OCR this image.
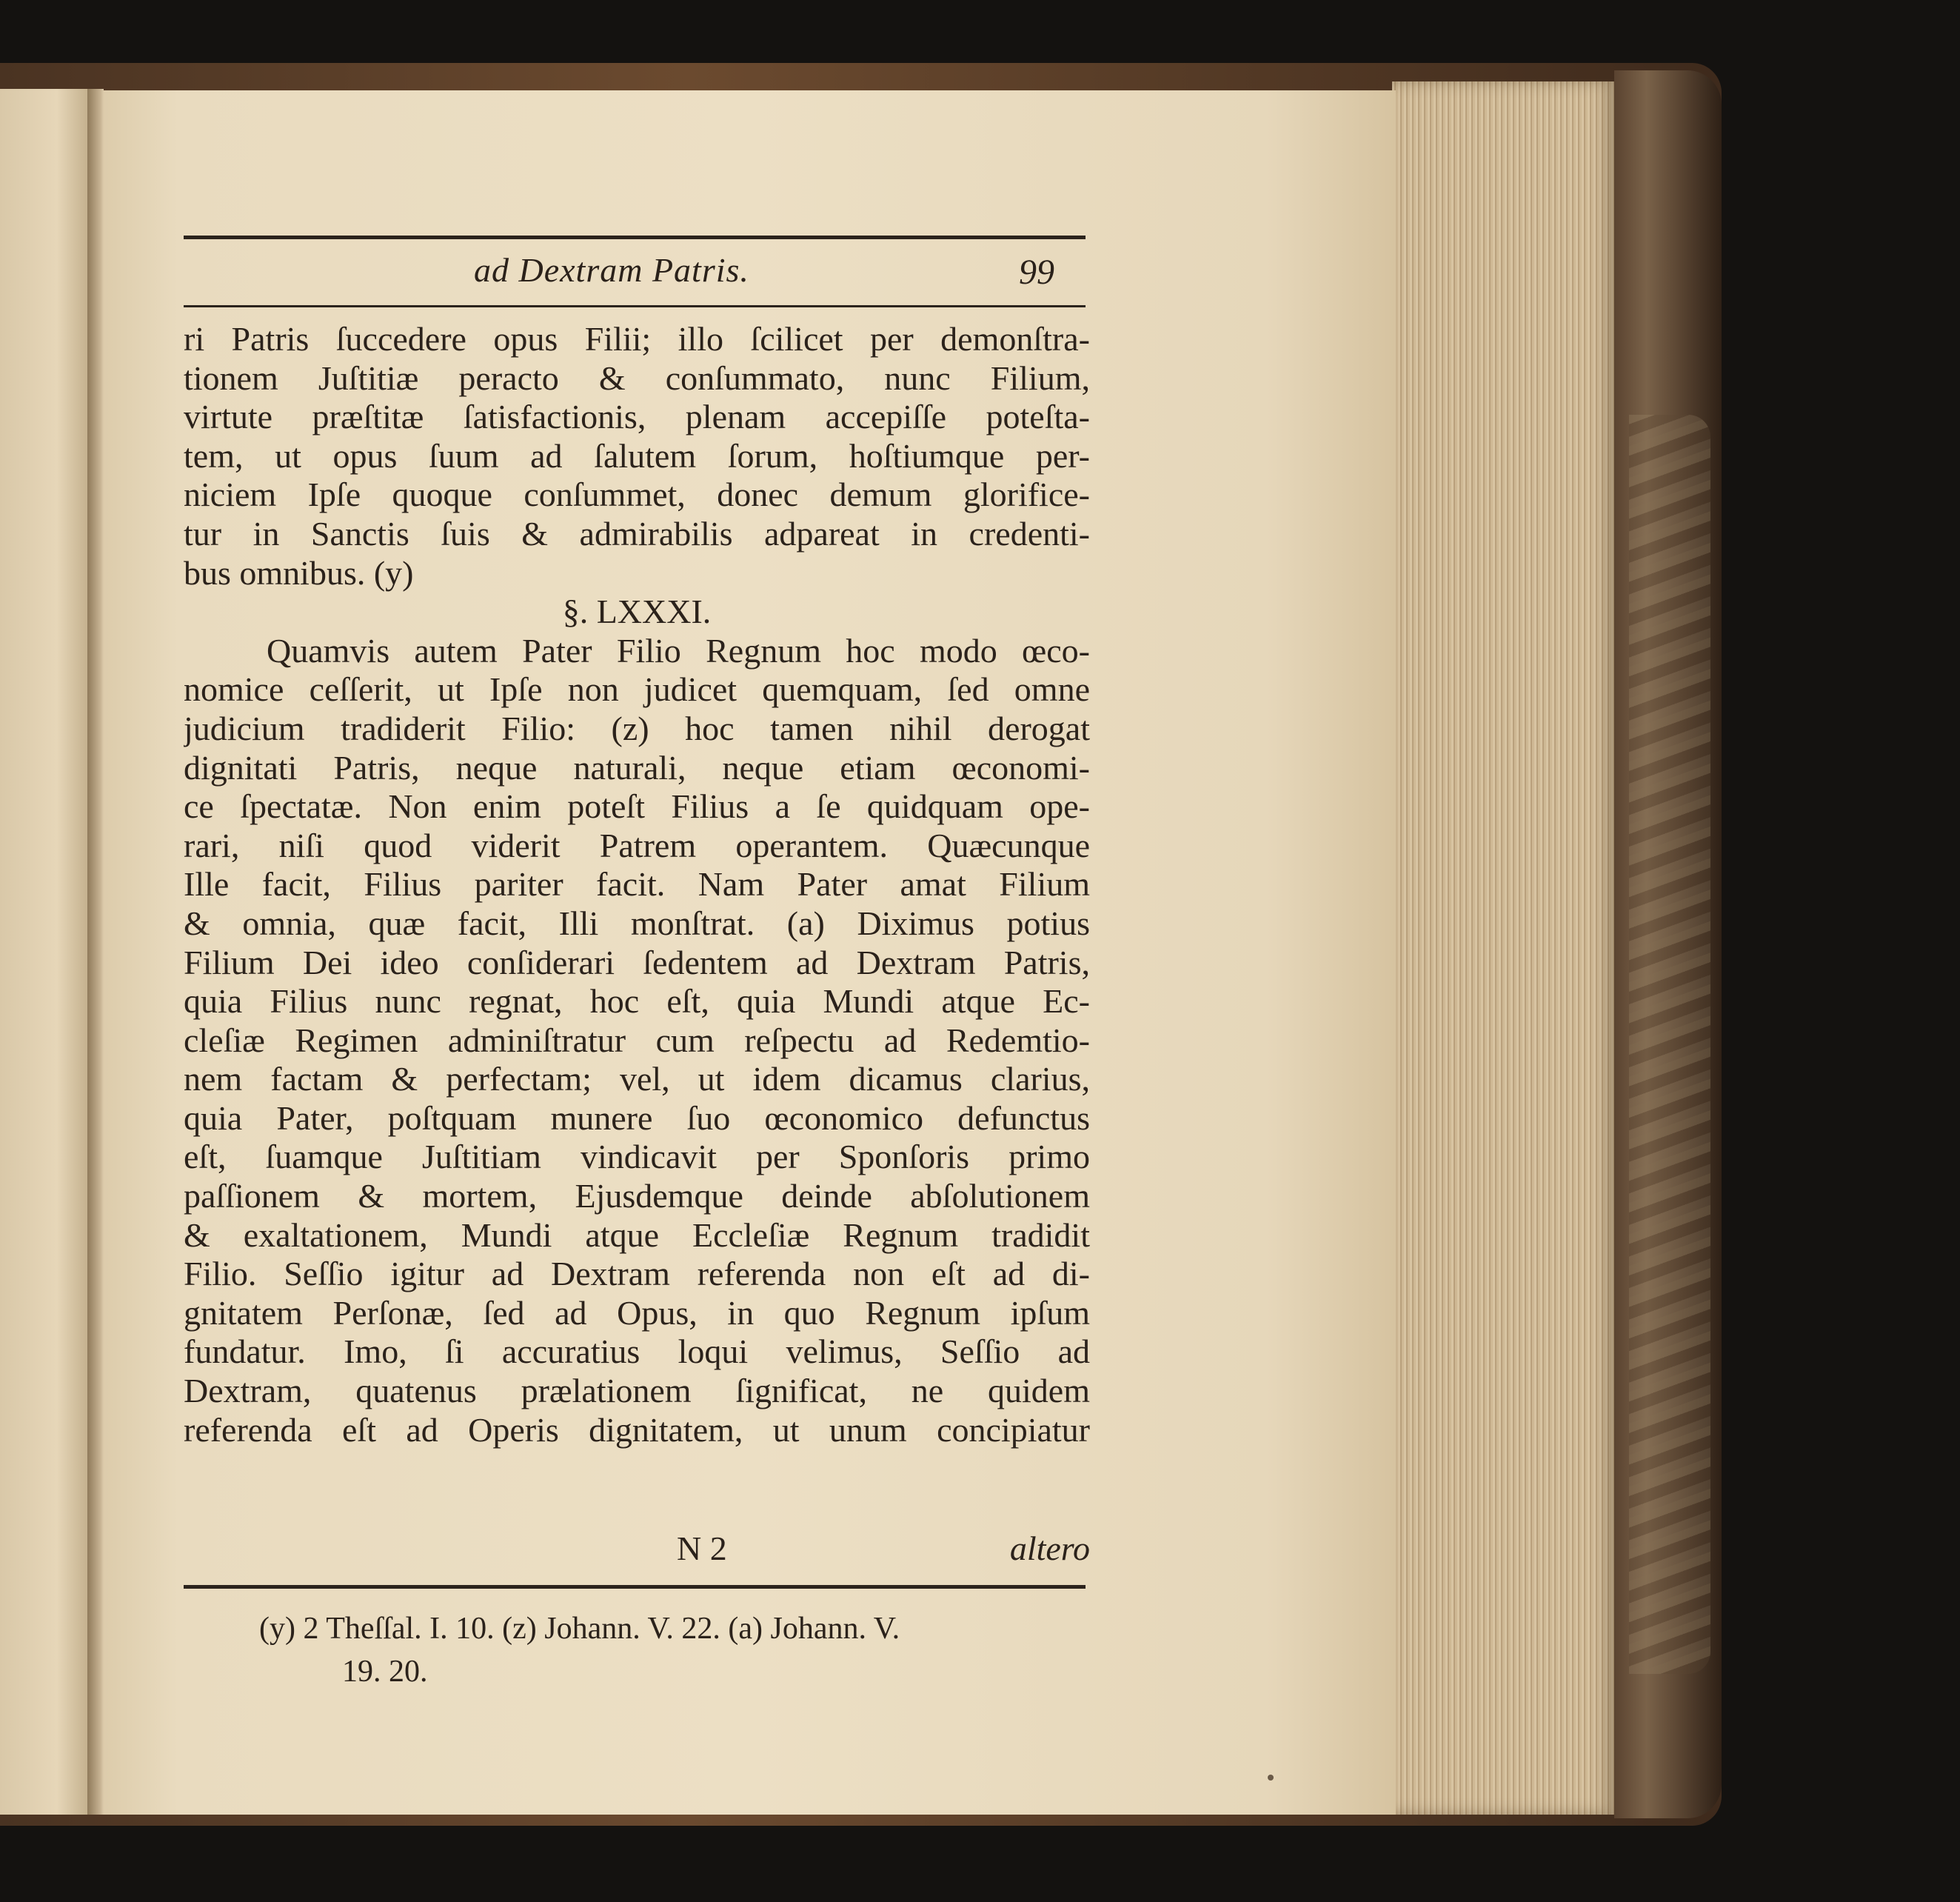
ad Dextram Patris.	99
ri Patris ſuccedere opus Filii; illo ſcilicet per demonſtra-
tionem Juſtitiæ peracto & conſummato, nunc Filium,
virtute præſtitæ ſatisfactionis, plenam accepiſſe poteſta-
tem, ut opus ſuum ad ſalutem ſorum, hoſtiumque per-
niciem Ipſe quoque conſummet, donec demum glorifice-
tur in Sanctis ſuis & admirabilis adpareat in credenti-
bus omnibus. (y)
§. LXXXI.
Quamvis autem Pater Filio Regnum hoc modo œco-
nomice ceſſerit, ut Ipſe non judicet quemquam, ſed omne
judicium tradiderit Filio: (z) hoc tamen nihil derogat
dignitati Patris, neque naturali, neque etiam œconomi-
ce ſpectatæ. Non enim poteſt Filius a ſe quidquam ope-
rari, niſi quod viderit Patrem operantem. Quæcunque
Ille facit, Filius pariter facit. Nam Pater amat Filium
& omnia, quæ facit, Illi monſtrat. (a) Diximus potius
Filium Dei ideo conſiderari ſedentem ad Dextram Patris,
quia Filius nunc regnat, hoc eſt, quia Mundi atque Ec-
cleſiæ Regimen adminiſtratur cum reſpectu ad Redemtio-
nem factam & perfectam; vel, ut idem dicamus clarius,
quia Pater, poſtquam munere ſuo œconomico defunctus
eſt, ſuamque Juſtitiam vindicavit per Sponſoris primo
paſſionem & mortem, Ejusdemque deinde abſolutionem
& exaltationem, Mundi atque Eccleſiæ Regnum tradidit
Filio. Seſſio igitur ad Dextram referenda non eſt ad di-
gnitatem Perſonæ, ſed ad Opus, in quo Regnum ipſum
fundatur. Imo, ſi accuratius loqui velimus, Seſſio ad
Dextram, quatenus prælationem ſignificat, ne quidem
referenda eſt ad Operis dignitatem, ut unum concipiatur
N 2	altero
(y) 2 Theſſal. I. 10. (z) Johann. V. 22. (a) Johann. V.
19. 20.
